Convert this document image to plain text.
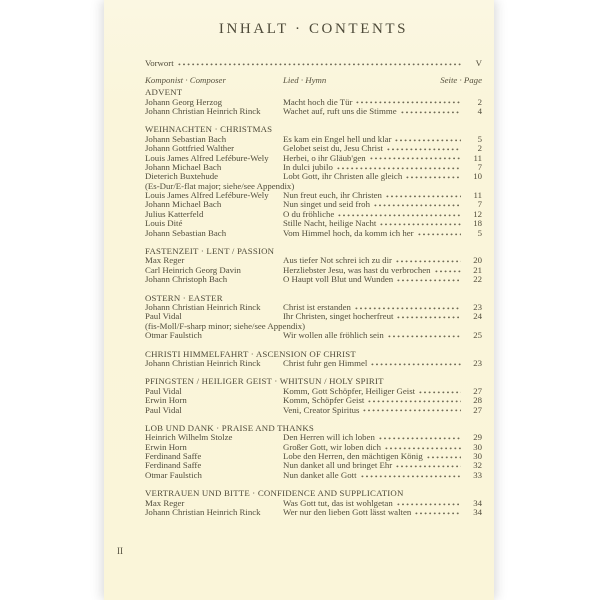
INHALT · CONTENTS
Vorwort	V
Komponist · Composer	Lied · Hymn	Seite · Page
ADVENT
Johann Georg Herzog	Macht hoch die Tür	2
Johann Christian Heinrich Rinck	Wachet auf, ruft uns die Stimme	4
WEIHNACHTEN · CHRISTMAS
Johann Sebastian Bach	Es kam ein Engel hell und klar	5
Johann Gottfried Walther	Gelobet seist du, Jesu Christ	2
Louis James Alfred Lefébure-Wely	Herbei, o ihr Gläub'gen	11
Johann Michael Bach	In dulci jubilo	7
Dieterich Buxtehude	Lobt Gott, ihr Christen alle gleich	10
(Es-Dur/E-flat major; siehe/see Appendix)
Louis James Alfred Lefébure-Wely	Nun freut euch, ihr Christen	11
Johann Michael Bach	Nun singet und seid froh	7
Julius Katterfeld	O du fröhliche	12
Louis Dité	Stille Nacht, heilige Nacht	18
Johann Sebastian Bach	Vom Himmel hoch, da komm ich her	5
FASTENZEIT · LENT / PASSION
Max Reger	Aus tiefer Not schrei ich zu dir	20
Carl Heinrich Georg Davin	Herzliebster Jesu, was hast du verbrochen	21
Johann Christoph Bach	O Haupt voll Blut und Wunden	22
OSTERN · EASTER
Johann Christian Heinrich Rinck	Christ ist erstanden	23
Paul Vidal	Ihr Christen, singet hocherfreut	24
(fis-Moll/F-sharp minor; siehe/see Appendix)
Otmar Faulstich	Wir wollen alle fröhlich sein	25
CHRISTI HIMMELFAHRT · ASCENSION OF CHRIST
Johann Christian Heinrich Rinck	Christ fuhr gen Himmel	23
PFINGSTEN / HEILIGER GEIST · WHITSUN / HOLY SPIRIT
Paul Vidal	Komm, Gott Schöpfer, Heiliger Geist	27
Erwin Horn	Komm, Schöpfer Geist	28
Paul Vidal	Veni, Creator Spiritus	27
LOB UND DANK · PRAISE AND THANKS
Heinrich Wilhelm Stolze	Den Herren will ich loben	29
Erwin Horn	Großer Gott, wir loben dich	30
Ferdinand Saffe	Lobe den Herren, den mächtigen König	30
Ferdinand Saffe	Nun danket all und bringet Ehr	32
Otmar Faulstich	Nun danket alle Gott	33
VERTRAUEN UND BITTE · CONFIDENCE AND SUPPLICATION
Max Reger	Was Gott tut, das ist wohlgetan	34
Johann Christian Heinrich Rinck	Wer nur den lieben Gott lässt walten	34
II
